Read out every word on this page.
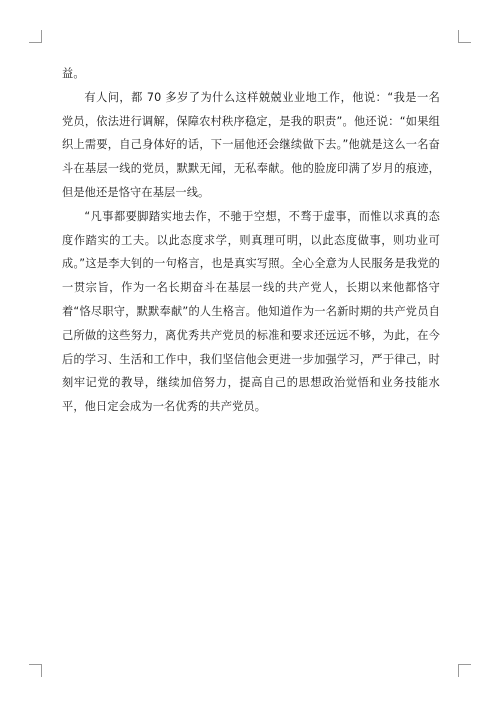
益。

有人问，都 70 多岁了为什么这样兢兢业业地工作，他说：“我是一名党员，依法进行调解，保障农村秩序稳定，是我的职责”。他还说：“如果组织上需要，自己身体好的话，下一届他还会继续做下去。”他就是这么一名奋斗在基层一线的党员，默默无闻，无私奉献。他的脸庞印满了岁月的痕迹，但是他还是恪守在基层一线。

“凡事都要脚踏实地去作，不驰于空想，不骛于虚事，而惟以求真的态度作踏实的工夫。以此态度求学，则真理可明，以此态度做事，则功业可成。”这是李大钊的一句格言，也是真实写照。全心全意为人民服务是我党的一贯宗旨，作为一名长期奋斗在基层一线的共产党人，长期以来他都恪守着“恪尽职守，默默奉献”的人生格言。他知道作为一名新时期的共产党员自己所做的这些努力，离优秀共产党员的标准和要求还远远不够，为此，在今后的学习、生活和工作中，我们坚信他会更进一步加强学习，严于律己，时刻牢记党的教导，继续加倍努力，提高自己的思想政治觉悟和业务技能水平，他日定会成为一名优秀的共产党员。
